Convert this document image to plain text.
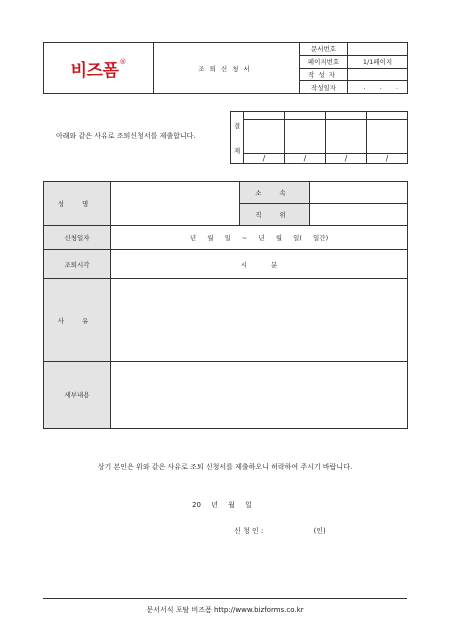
비즈폼 ®	조퇴신청서	문서번호	
		페이지번호	1/1페이지
		작성자	
		작성일자	. . .
아래와 같은 사유로 조퇴신청서를 제출합니다.
결

재				

	/	/	/	/
성 명		소 속	
		직 위	
신청일자	년 월 일 ~ 년 월 일( 일간)		
조퇴시각	시 분		
사 유			
세부내용			
상기 본인은 위와 같은 사유로 조퇴 신청서를 제출하오니 허락하여 주시기 바랍니다.
20 년 월 일
신 청 인 :	(인)
문서서식 포탈 비즈폼 http://www.bizforms.co.kr
